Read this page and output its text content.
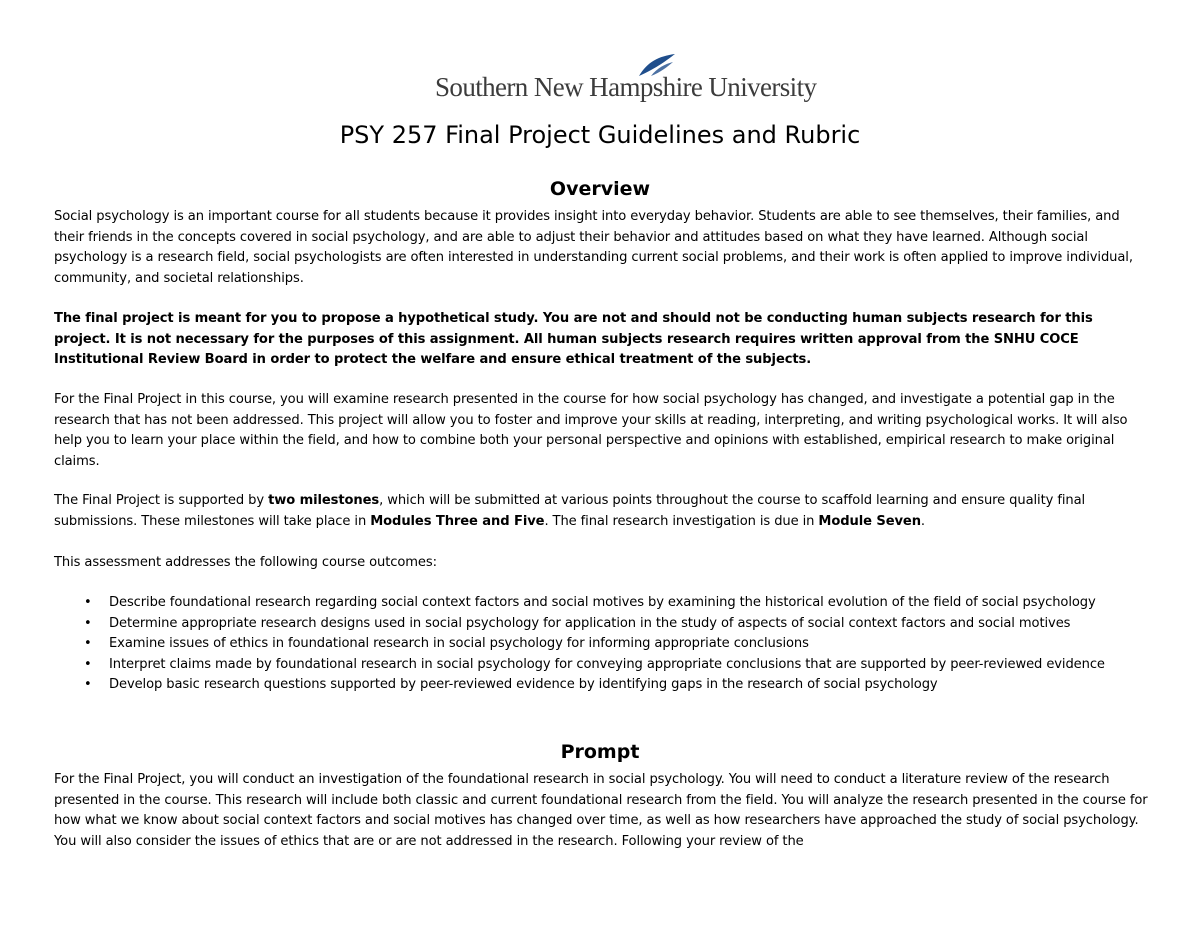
Southern New Hampshire University
PSY 257 Final Project Guidelines and Rubric
Overview

Social psychology is an important course for all students because it provides insight into everyday behavior. Students are able to see themselves, their families, and their friends in the concepts covered in social psychology, and are able to adjust their behavior and attitudes based on what they have learned. Although social psychology is a research field, social psychologists are often interested in understanding current social problems, and their work is often applied to improve individual, community, and societal relationships.

The final project is meant for you to propose a hypothetical study. You are not and should not be conducting human subjects research for this project. It is not necessary for the purposes of this assignment. All human subjects research requires written approval from the SNHU COCE Institutional Review Board in order to protect the welfare and ensure ethical treatment of the subjects.

For the Final Project in this course, you will examine research presented in the course for how social psychology has changed, and investigate a potential gap in the research that has not been addressed. This project will allow you to foster and improve your skills at reading, interpreting, and writing psychological works. It will also help you to learn your place within the field, and how to combine both your personal perspective and opinions with established, empirical research to make original claims.

The Final Project is supported by two milestones, which will be submitted at various points throughout the course to scaffold learning and ensure quality final submissions. These milestones will take place in Modules Three and Five. The final research investigation is due in Module Seven.

This assessment addresses the following course outcomes:

• Describe foundational research regarding social context factors and social motives by examining the historical evolution of the field of social psychology
• Determine appropriate research designs used in social psychology for application in the study of aspects of social context factors and social motives
• Examine issues of ethics in foundational research in social psychology for informing appropriate conclusions
• Interpret claims made by foundational research in social psychology for conveying appropriate conclusions that are supported by peer-reviewed evidence
• Develop basic research questions supported by peer-reviewed evidence by identifying gaps in the research of social psychology
Prompt

For the Final Project, you will conduct an investigation of the foundational research in social psychology. You will need to conduct a literature review of the research presented in the course. This research will include both classic and current foundational research from the field. You will analyze the research presented in the course for how what we know about social context factors and social motives has changed over time, as well as how researchers have approached the study of social psychology. You will also consider the issues of ethics that are or are not addressed in the research. Following your review of the
